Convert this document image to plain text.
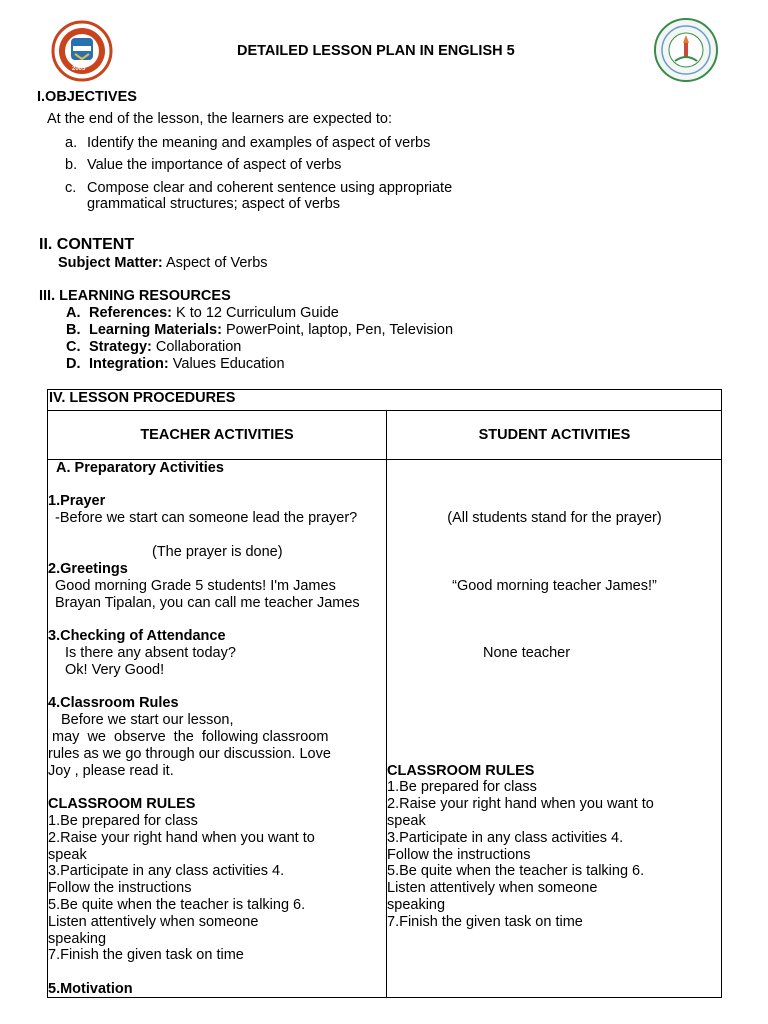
2005
DETAILED LESSON PLAN IN ENGLISH 5
I.OBJECTIVES
At the end of the lesson, the learners are expected to:
a. Identify the meaning and examples of aspect of verbs
b. Value the importance of aspect of verbs
c. Compose clear and coherent sentence using appropriate
grammatical structures; aspect of verbs
II. CONTENT
Subject Matter: Aspect of Verbs
III. LEARNING RESOURCES
A. References: K to 12 Curriculum Guide
B. Learning Materials: PowerPoint, laptop, Pen, Television
C. Strategy: Collaboration
D. Integration: Values Education
IV. LESSON PROCEDURES
TEACHER ACTIVITIES	STUDENT ACTIVITIES
A. Preparatory Activities
1.Prayer
-Before we start can someone lead the prayer?
(The prayer is done)
2.Greetings
Good morning Grade 5 students! I'm James
Brayan Tipalan, you can call me teacher James
3.Checking of Attendance
Is there any absent today?
Ok! Very Good!
4.Classroom Rules
Before we start our lesson,
may  we  observe  the  following classroom
rules as we go through our discussion. Love
Joy , please read it.
CLASSROOM RULES
1.Be prepared for class
2.Raise your right hand when you want to
speak
3.Participate in any class activities 4.
Follow the instructions
5.Be quite when the teacher is talking 6.
Listen attentively when someone
speaking
7.Finish the given task on time
5.Motivation
(All students stand for the prayer)
“Good morning teacher James!”
None teacher
CLASSROOM RULES
1.Be prepared for class
2.Raise your right hand when you want to
speak
3.Participate in any class activities 4.
Follow the instructions
5.Be quite when the teacher is talking 6.
Listen attentively when someone
speaking
7.Finish the given task on time
